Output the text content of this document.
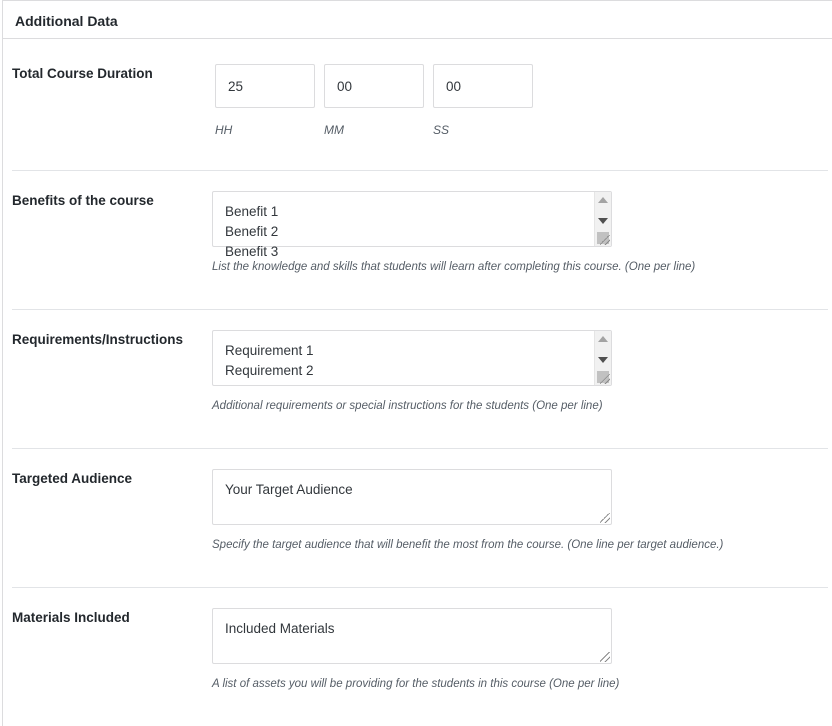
Additional Data
Total Course Duration
25	00	00
HH	MM	SS
Benefits of the course
Benefit 1
Benefit 2
Benefit 3
List the knowledge and skills that students will learn after completing this course. (One per line)
Requirements/Instructions
Requirement 1
Requirement 2
Additional requirements or special instructions for the students (One per line)
Targeted Audience
Your Target Audience
Specify the target audience that will benefit the most from the course. (One line per target audience.)
Materials Included
Included Materials
A list of assets you will be providing for the students in this course (One per line)
